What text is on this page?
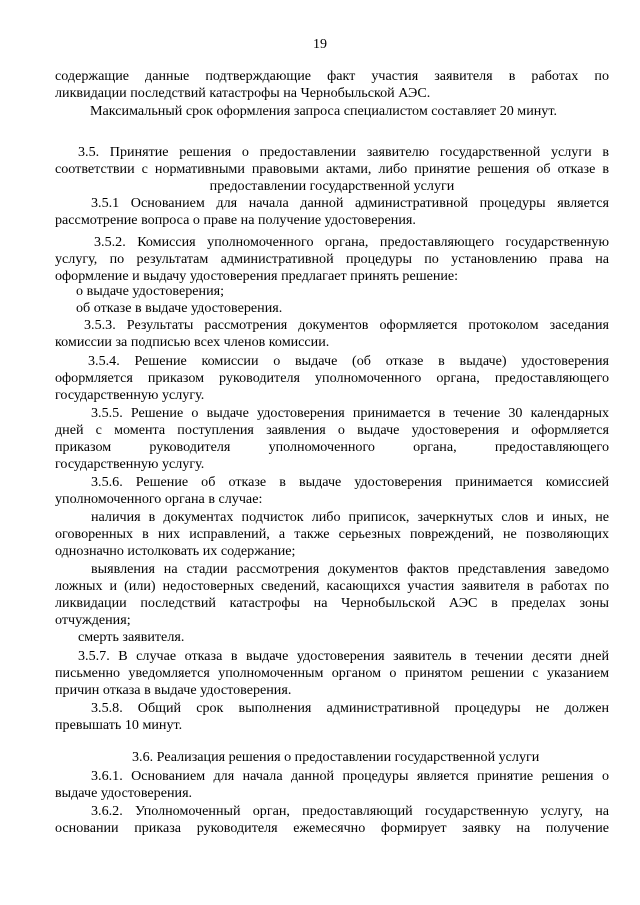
19

содержащие данные подтверждающие факт участия заявителя в работах по

ликвидации последствий катастрофы на Чернобыльской АЭС.

Максимальный срок оформления запроса специалистом составляет 20 минут.

3.5. Принятие решения о предоставлении заявителю государственной услуги в

соответствии с нормативными правовыми актами, либо принятие решения об отказе в

предоставлении государственной услуги

3.5.1 Основанием для начала данной административной процедуры является

рассмотрение вопроса о праве на получение удостоверения.

3.5.2. Комиссия уполномоченного органа, предоставляющего государственную

услугу, по результатам административной процедуры по установлению права на

оформление и выдачу удостоверения предлагает принять решение:

о выдаче удостоверения;

об отказе в выдаче удостоверения.

3.5.3. Результаты рассмотрения документов оформляется протоколом заседания

комиссии за подписью всех членов комиссии.

3.5.4. Решение комиссии о выдаче (об отказе в выдаче) удостоверения

оформляется приказом руководителя уполномоченного органа, предоставляющего

государственную услугу.

3.5.5. Решение о выдаче удостоверения принимается в течение 30 календарных

дней с момента поступления заявления о выдаче удостоверения и оформляется

приказом руководителя уполномоченного органа, предоставляющего

государственную услугу.

3.5.6. Решение об отказе в выдаче удостоверения принимается комиссией

уполномоченного органа в случае:

наличия в документах подчисток либо приписок, зачеркнутых слов и иных, не

оговоренных в них исправлений, а также серьезных повреждений, не позволяющих

однозначно истолковать их содержание;

выявления на стадии рассмотрения документов фактов представления заведомо

ложных и (или) недостоверных сведений, касающихся участия заявителя в работах по

ликвидации последствий катастрофы на Чернобыльской АЭС в пределах зоны

отчуждения;

смерть заявителя.

3.5.7. В случае отказа в выдаче удостоверения заявитель в течении десяти дней

письменно уведомляется уполномоченным органом о принятом решении с указанием

причин отказа в выдаче удостоверения.

3.5.8. Общий срок выполнения административной процедуры не должен

превышать 10 минут.

3.6. Реализация решения о предоставлении государственной услуги

3.6.1. Основанием для начала данной процедуры является принятие решения о

выдаче удостоверения.

3.6.2. Уполномоченный орган, предоставляющий государственную услугу, на

основании приказа руководителя ежемесячно формирует заявку на получение
